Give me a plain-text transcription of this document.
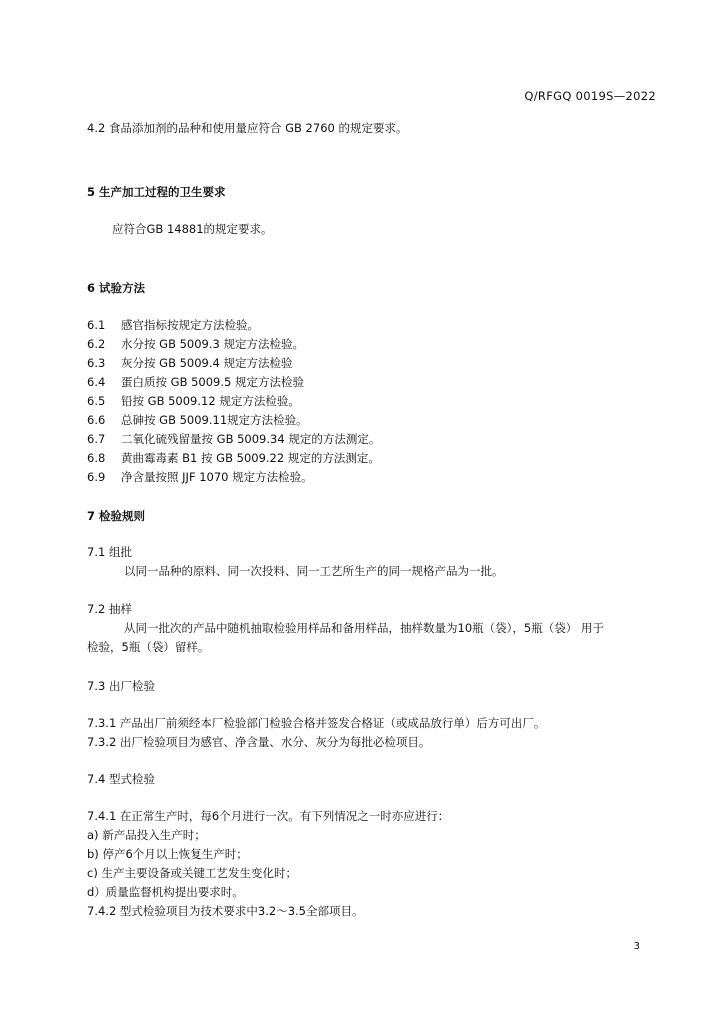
Q/RFGQ 0019S—2022
4.2 食品添加剂的品种和使用量应符合 GB 2760 的规定要求。
5 生产加工过程的卫生要求
应符合GB 14881的规定要求。
6 试验方法
6.1 感官指标按规定方法检验。
6.2 水分按 GB 5009.3 规定方法检验。
6.3 灰分按 GB 5009.4 规定方法检验
6.4 蛋白质按 GB 5009.5 规定方法检验
6.5 铅按 GB 5009.12 规定方法检验。
6.6 总砷按 GB 5009.11规定方法检验。
6.7 二氧化硫残留量按 GB 5009.34 规定的方法测定。
6.8 黄曲霉毒素 B1 按 GB 5009.22 规定的方法测定。
6.9 净含量按照 JJF 1070 规定方法检验。
7 检验规则
7.1 组批
以同一品种的原料、同一次投料、同一工艺所生产的同一规格产品为一批。
7.2 抽样
从同一批次的产品中随机抽取检验用样品和备用样品，抽样数量为10瓶（袋），5瓶（袋） 用于
检验，5瓶（袋）留样。
7.3 出厂检验
7.3.1 产品出厂前须经本厂检验部门检验合格并签发合格证（或成品放行单）后方可出厂。
7.3.2 出厂检验项目为感官、净含量、水分、灰分为每批必检项目。
7.4 型式检验
7.4.1 在正常生产时，每6个月进行一次。有下列情况之一时亦应进行：
a) 新产品投入生产时；
b) 停产6个月以上恢复生产时；
c) 生产主要设备或关键工艺发生变化时；
d）质量监督机构提出要求时。
7.4.2 型式检验项目为技术要求中3.2～3.5全部项目。
3
